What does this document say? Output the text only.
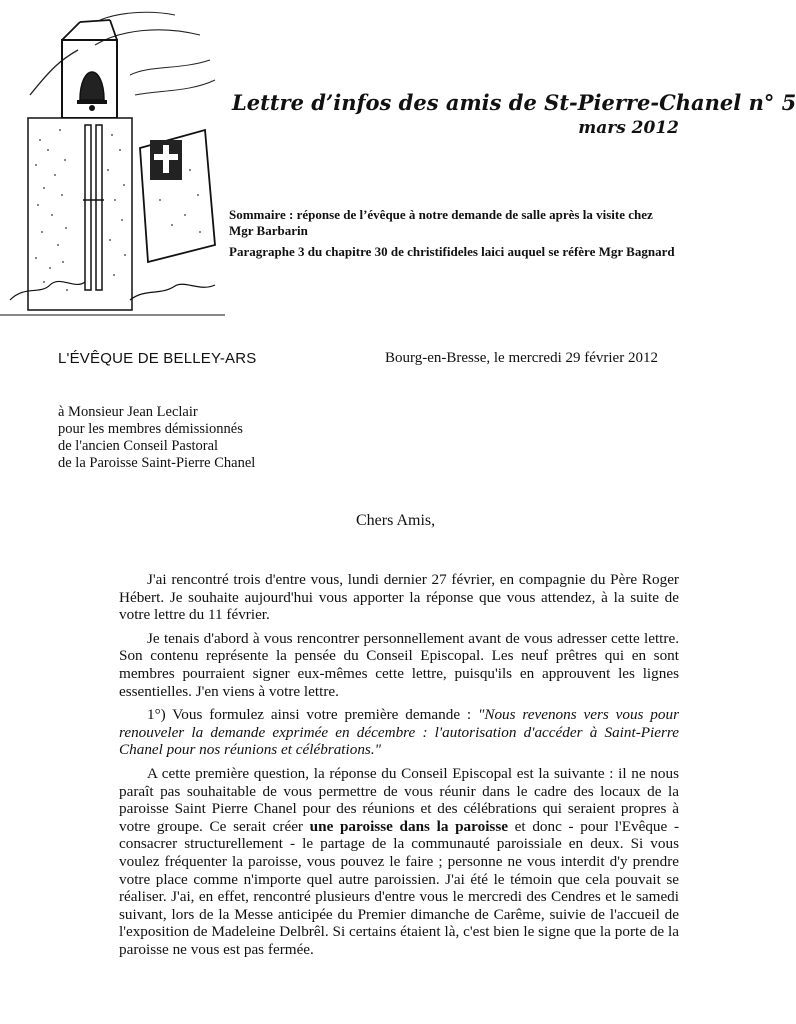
Lettre d’infos des amis de St-Pierre-Chanel n° 5
mars 2012

Sommaire : réponse de l’évêque à notre demande de salle après la visite chez Mgr Barbarin

Paragraphe 3 du chapitre 30 de christifideles laici auquel se réfère Mgr Bagnard

L'ÉVÊQUE DE BELLEY-ARS	Bourg-en-Bresse, le mercredi 29 février 2012
à Monsieur Jean Leclair
pour les membres démissionnés
de l'ancien Conseil Pastoral
de la Paroisse Saint-Pierre Chanel
Chers Amis,

J'ai rencontré trois d'entre vous, lundi dernier 27 février, en compagnie du Père Roger Hébert. Je souhaite aujourd'hui vous apporter la réponse que vous attendez, à la suite de votre lettre du 11 février.

Je tenais d'abord à vous rencontrer personnellement avant de vous adresser cette lettre. Son contenu représente la pensée du Conseil Episcopal. Les neuf prêtres qui en sont membres pourraient signer eux-mêmes cette lettre, puisqu'ils en approuvent les lignes essentielles. J'en viens à votre lettre.

1°) Vous formulez ainsi votre première demande : "Nous revenons vers vous pour renouveler la demande exprimée en décembre : l'autorisation d'accéder à Saint-Pierre Chanel pour nos réunions et célébrations."

A cette première question, la réponse du Conseil Episcopal est la suivante : il ne nous paraît pas souhaitable de vous permettre de vous réunir dans le cadre des locaux de la paroisse Saint Pierre Chanel pour des réunions et des célébrations qui seraient propres à votre groupe. Ce serait créer une paroisse dans la paroisse et donc - pour l'Evêque - consacrer structurellement - le partage de la communauté paroissiale en deux. Si vous voulez fréquenter la paroisse, vous pouvez le faire ; personne ne vous interdit d'y prendre votre place comme n'importe quel autre paroissien. J'ai été le témoin que cela pouvait se réaliser. J'ai, en effet, rencontré plusieurs d'entre vous le mercredi des Cendres et le samedi suivant, lors de la Messe anticipée du Premier dimanche de Carême, suivie de l'accueil de l'exposition de Madeleine Delbrêl. Si certains étaient là, c'est bien le signe que la porte de la paroisse ne vous est pas fermée.
